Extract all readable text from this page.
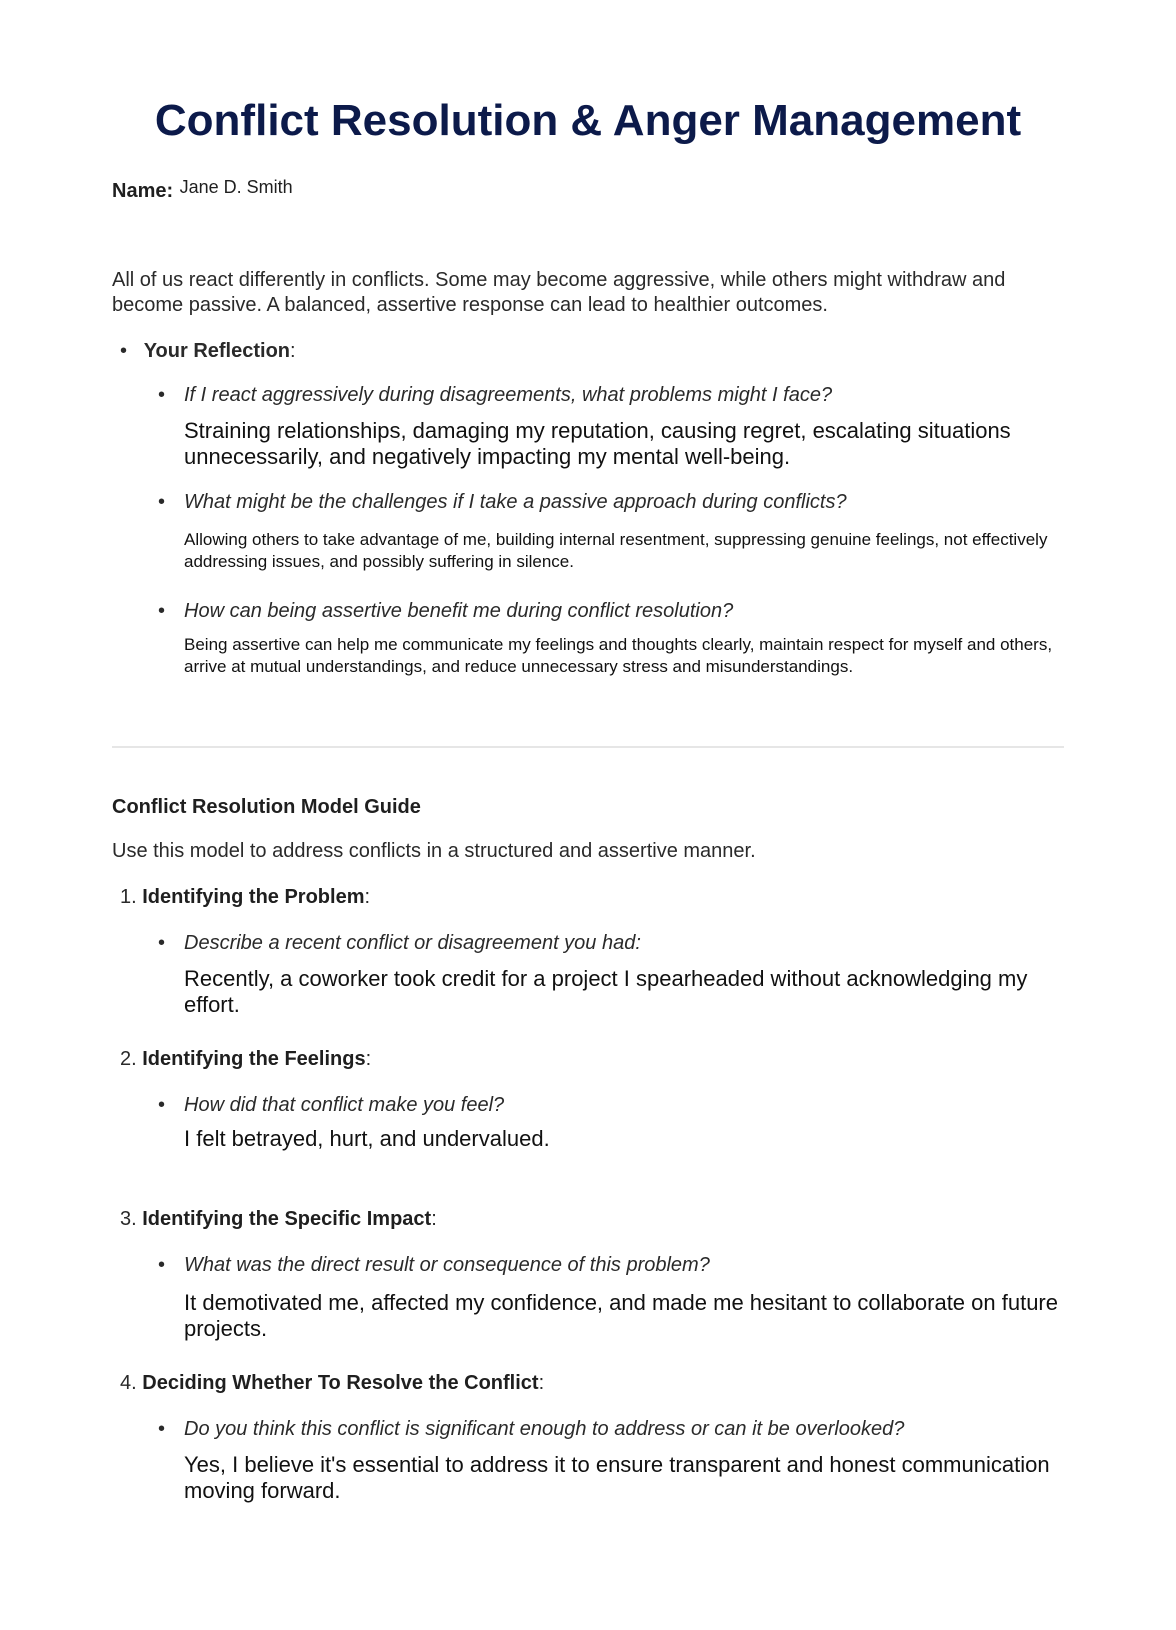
Conflict Resolution & Anger Management
Name: Jane D. Smith

All of us react differently in conflicts. Some may become aggressive, while others might withdraw and become passive. A balanced, assertive response can lead to healthier outcomes.

• Your Reflection:
• If I react aggressively during disagreements, what problems might I face?
Straining relationships, damaging my reputation, causing regret, escalating situations unnecessarily, and negatively impacting my mental well-being.
• What might be the challenges if I take a passive approach during conflicts?
Allowing others to take advantage of me, building internal resentment, suppressing genuine feelings, not effectively addressing issues, and possibly suffering in silence.
• How can being assertive benefit me during conflict resolution?
Being assertive can help me communicate my feelings and thoughts clearly, maintain respect for myself and others, arrive at mutual understandings, and reduce unnecessary stress and misunderstandings.
Conflict Resolution Model Guide
Use this model to address conflicts in a structured and assertive manner.
1. Identifying the Problem:
• Describe a recent conflict or disagreement you had:
Recently, a coworker took credit for a project I spearheaded without acknowledging my effort.
2. Identifying the Feelings:
• How did that conflict make you feel?
I felt betrayed, hurt, and undervalued.
3. Identifying the Specific Impact:
• What was the direct result or consequence of this problem?
It demotivated me, affected my confidence, and made me hesitant to collaborate on future projects.
4. Deciding Whether To Resolve the Conflict:
• Do you think this conflict is significant enough to address or can it be overlooked?
Yes, I believe it's essential to address it to ensure transparent and honest communication moving forward.
